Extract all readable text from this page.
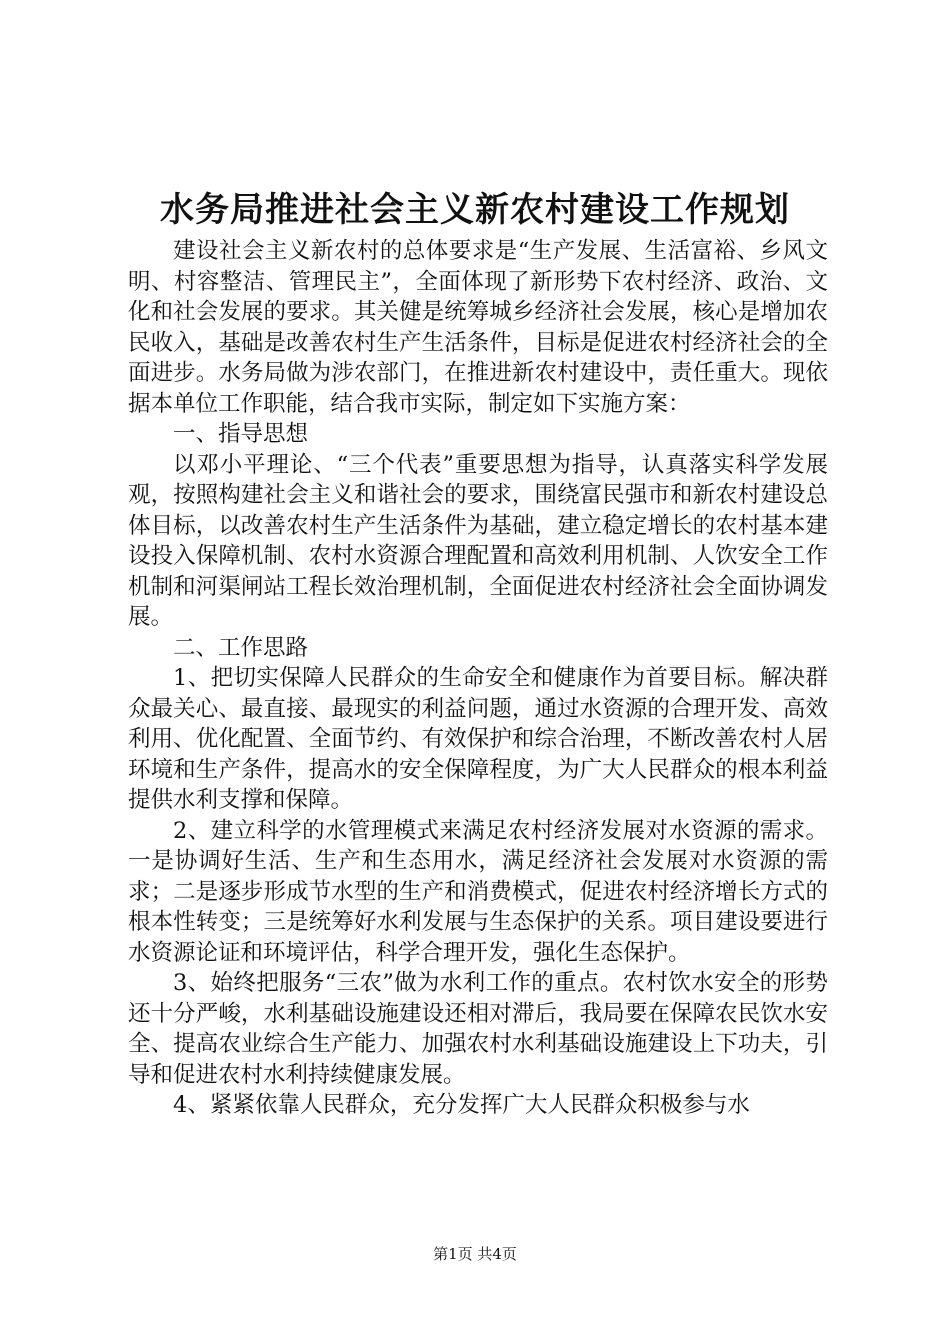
水务局推进社会主义新农村建设工作规划

建设社会主义新农村的总体要求是“生产发展、生活富裕、乡风文明、村容整洁、管理民主”，全面体现了新形势下农村经济、政治、文化和社会发展的要求。其关健是统筹城乡经济社会发展，核心是增加农民收入，基础是改善农村生产生活条件，目标是促进农村经济社会的全面进步。水务局做为涉农部门，在推进新农村建设中，责任重大。现依据本单位工作职能，结合我市实际，制定如下实施方案：

一、指导思想

以邓小平理论、“三个代表”重要思想为指导，认真落实科学发展观，按照构建社会主义和谐社会的要求，围绕富民强市和新农村建设总体目标，以改善农村生产生活条件为基础，建立稳定增长的农村基本建设投入保障机制、农村水资源合理配置和高效利用机制、人饮安全工作机制和河渠闸站工程长效治理机制，全面促进农村经济社会全面协调发展。

二、工作思路

1、把切实保障人民群众的生命安全和健康作为首要目标。解决群众最关心、最直接、最现实的利益问题，通过水资源的合理开发、高效利用、优化配置、全面节约、有效保护和综合治理，不断改善农村人居环境和生产条件，提高水的安全保障程度，为广大人民群众的根本利益提供水利支撑和保障。

2、建立科学的水管理模式来满足农村经济发展对水资源的需求。一是协调好生活、生产和生态用水，满足经济社会发展对水资源的需求；二是逐步形成节水型的生产和消费模式，促进农村经济增长方式的根本性转变；三是统筹好水利发展与生态保护的关系。项目建设要进行水资源论证和环境评估，科学合理开发，强化生态保护。

3、始终把服务“三农”做为水利工作的重点。农村饮水安全的形势还十分严峻，水利基础设施建设还相对滞后，我局要在保障农民饮水安全、提高农业综合生产能力、加强农村水利基础设施建设上下功夫，引导和促进农村水利持续健康发展。

4、紧紧依靠人民群众，充分发挥广大人民群众积极参与水

第1页 共4页
